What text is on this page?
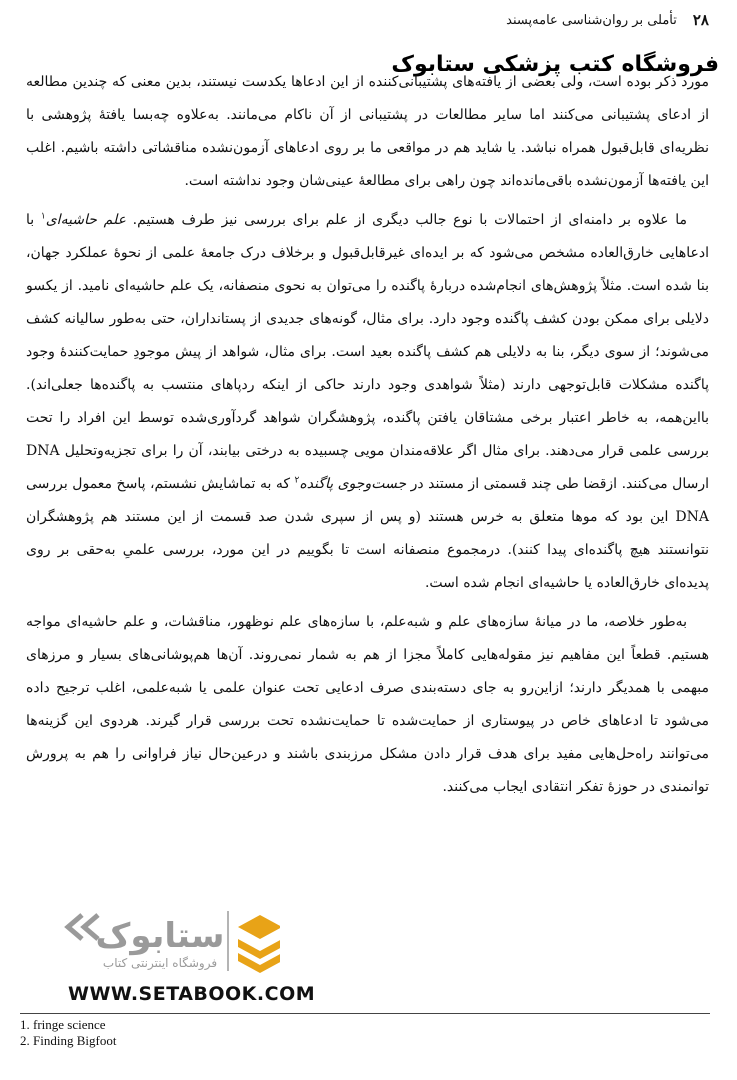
۲۸
تأملی بر روان‌شناسی عامه‌پسند
فروشگاه کتب پزشکی ستابوک

مورد ذکر بوده است، ولی بعضی از یافته‌های پشتیبانی‌کننده از این ادعاها یکدست نیستند، بدین معنی که چندین مطالعه از ادعای پشتیبانی می‌کنند اما سایر مطالعات در پشتیبانی از آن ناکام می‌مانند. به‌علاوه چه‌بسا یافتهٔ پژوهشی با نظریه‌ای قابل‌قبول همراه نباشد. یا شاید هم در مواقعی ما بر روی ادعاهای آزمون‌نشده مناقشاتی داشته باشیم. اغلب این یافته‌ها آزمون‌نشده باقی‌مانده‌اند چون راهی برای مطالعهٔ عینی‌شان وجود نداشته است.

ما علاوه بر دامنه‌ای از احتمالات با نوع جالب دیگری از علم برای بررسی نیز طرف هستیم. علم حاشیه‌ای$^۱$ با ادعاهایی خارق‌العاده مشخص می‌شود که بر ایده‌ای غیرقابل‌قبول و برخلاف درک جامعهٔ علمی از نحوهٔ عملکرد جهان، بنا شده است. مثلاً پژوهش‌های انجام‌شده دربارهٔ پاگنده را می‌توان به نحوی منصفانه، یک علم حاشیه‌ای نامید. از یکسو دلایلی برای ممکن بودن کشف پاگنده وجود دارد. برای مثال، گونه‌های جدیدی از پستانداران، حتی به‌طور سالیانه کشف می‌شوند؛ از سوی دیگر، بنا به دلایلی هم کشف پاگنده بعید است. برای مثال، شواهد از پیش موجودِ حمایت‌کنندهٔ وجود پاگنده مشکلات قابل‌توجهی دارند (مثلاً شواهدی وجود دارند حاکی از اینکه ردپاهای منتسب به پاگنده‌ها جعلی‌اند). بااین‌همه، به خاطر اعتبار برخی مشتاقان یافتن پاگنده، پژوهشگران شواهد گردآوری‌شده توسط این افراد را تحت بررسی علمی قرار می‌دهند. برای مثال اگر علاقه‌مندان مویی چسبیده به درختی بیابند، آن را برای تجزیه‌وتحلیل DNA ارسال می‌کنند. ازقضا طی چند قسمتی از مستند در جست‌وجوی پاگنده$^۲$ که به تماشایش نشستم، پاسخ معمول بررسی DNA این بود که موها متعلق به خرس هستند (و پس از سپری شدن صد قسمت از این مستند هم پژوهشگران نتوانستند هیچ پاگنده‌ای پیدا کنند). درمجموع منصفانه است تا بگوییم در این مورد، بررسی علمیِ به‌حقی بر روی پدیده‌ای خارق‌العاده یا حاشیه‌ای انجام شده است.

به‌طور خلاصه، ما در میانهٔ سازه‌های علم و شبه‌علم، با سازه‌های علم نوظهور، مناقشات، و علم حاشیه‌ای مواجه هستیم. قطعاً این مفاهیم نیز مقوله‌هایی کاملاً مجزا از هم به شمار نمی‌روند. آن‌ها هم‌پوشانی‌های بسیار و مرزهای مبهمی با همدیگر دارند؛ ازاین‌رو به جای دسته‌بندی صرف ادعایی تحت عنوان علمی یا شبه‌علمی، اغلب ترجیح داده می‌شود تا ادعاهای خاص در پیوستاری از حمایت‌شده تا حمایت‌نشده تحت بررسی قرار گیرند. هردوی این گزینه‌ها می‌توانند راه‌حل‌هایی مفید برای هدف قرار دادن مشکل مرزبندی باشند و درعین‌حال نیاز فراوانی را هم به پرورش توانمندی در حوزهٔ تفکر انتقادی ایجاب می‌کنند.

ستابوک
فروشگاه اینترنتی کتاب
WWW.SETABOOK.COM
1. fringe science
2. Finding Bigfoot
